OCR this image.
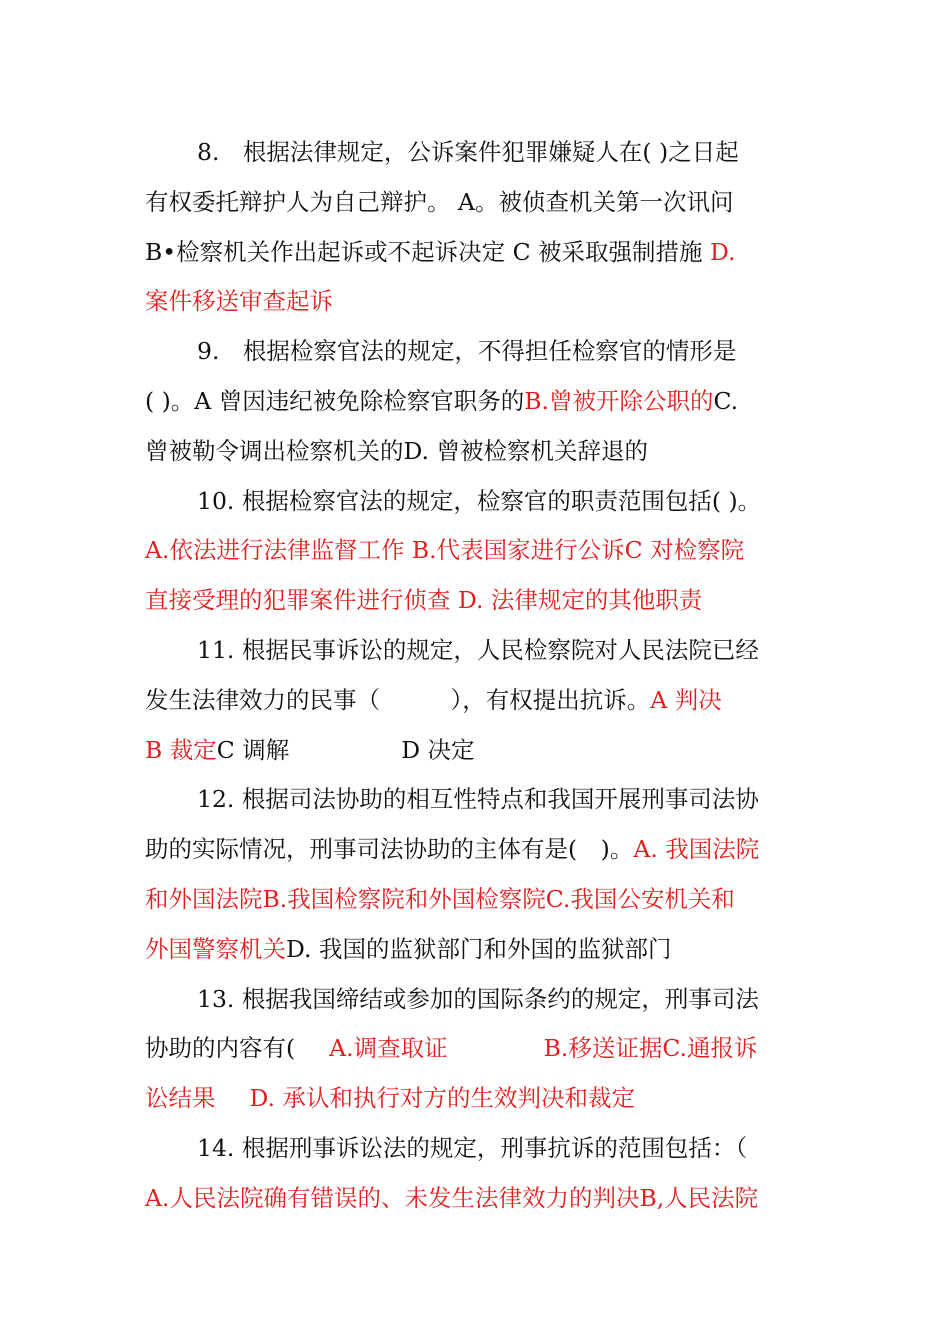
8.　根据法律规定，公诉案件犯罪嫌疑人在( )之日起
有权委托辩护人为自己辩护。 A。被侦查机关第一次讯问
B•检察机关作出起诉或不起诉决定 C 被采取强制措施 D.
案件移送审查起诉
9.　根据检察官法的规定，不得担任检察官的情形是
( )。A 曾因违纪被免除检察官职务的B.曾被开除公职的C.
曾被勒令调出检察机关的D. 曾被检察机关辞退的
10. 根据检察官法的规定，检察官的职责范围包括( )。
A.依法进行法律监督工作 B.代表国家进行公诉C 对检察院
直接受理的犯罪案件进行侦查 D. 法律规定的其他职责
11. 根据民事诉讼的规定，人民检察院对人民法院已经
发生法律效力的民事（　　　），有权提出抗诉。A 判决
B 裁定C 调解	D 决定
12. 根据司法协助的相互性特点和我国开展刑事司法协
助的实际情况，刑事司法协助的主体有是(　)。A. 我国法院
和外国法院B.我国检察院和外国检察院C.我国公安机关和
外国警察机关D. 我国的监狱部门和外国的监狱部门
13. 根据我国缔结或参加的国际条约的规定，刑事司法
协助的内容有( A.调查取证	B.移送证据C.通报诉
讼结果 D. 承认和执行对方的生效判决和裁定
14. 根据刑事诉讼法的规定，刑事抗诉的范围包括：（
A.人民法院确有错误的、未发生法律效力的判决B,人民法院
